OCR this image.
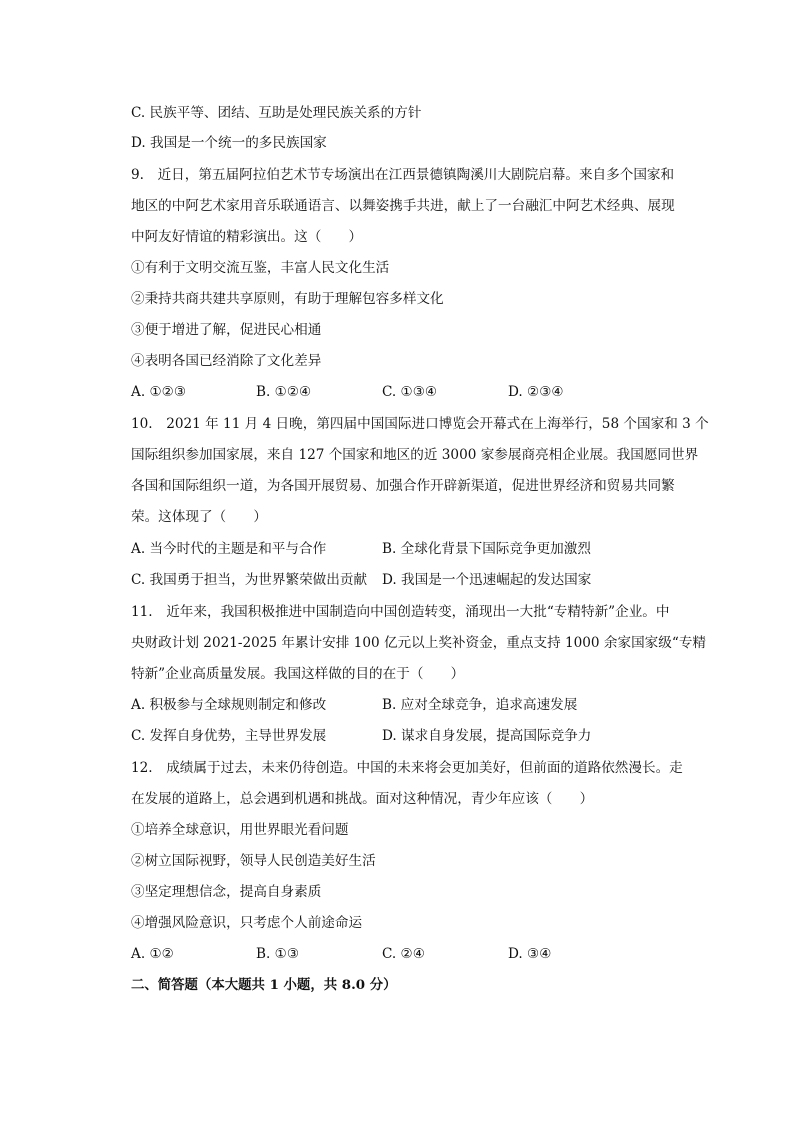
C. 民族平等、团结、互助是处理民族关系的方针
D. 我国是一个统一的多民族国家
9.　近日，第五届阿拉伯艺术节专场演出在江西景德镇陶溪川大剧院启幕。来自多个国家和
地区的中阿艺术家用音乐联通语言、以舞姿携手共进，献上了一台融汇中阿艺术经典、展现
中阿友好情谊的精彩演出。这（　　）
①有利于文明交流互鉴，丰富人民文化生活
②秉持共商共建共享原则，有助于理解包容多样文化
③便于增进了解，促进民心相通
④表明各国已经消除了文化差异
A. ①②③	B. ①②④	C. ①③④	D. ②③④
10.　2021 年 11 月 4 日晚，第四届中国国际进口博览会开幕式在上海举行，58 个国家和 3 个
国际组织参加国家展，来自 127 个国家和地区的近 3000 家参展商亮相企业展。我国愿同世界
各国和国际组织一道，为各国开展贸易、加强合作开辟新渠道，促进世界经济和贸易共同繁
荣。这体现了（　　）
A. 当今时代的主题是和平与合作	B. 全球化背景下国际竞争更加激烈
C. 我国勇于担当，为世界繁荣做出贡献 D. 我国是一个迅速崛起的发达国家
11.　近年来，我国积极推进中国制造向中国创造转变，涌现出一大批“专精特新”企业。中
央财政计划 2021-2025 年累计安排 100 亿元以上奖补资金，重点支持 1000 余家国家级“专精
特新”企业高质量发展。我国这样做的目的在于（　　）
A. 积极参与全球规则制定和修改	B. 应对全球竞争，追求高速发展
C. 发挥自身优势，主导世界发展	D. 谋求自身发展，提高国际竞争力
12.　成绩属于过去，未来仍待创造。中国的未来将会更加美好，但前面的道路依然漫长。走
在发展的道路上，总会遇到机遇和挑战。面对这种情况，青少年应该（　　）
①培养全球意识，用世界眼光看问题
②树立国际视野，领导人民创造美好生活
③坚定理想信念，提高自身素质
④增强风险意识，只考虑个人前途命运
A. ①②	B. ①③	C. ②④	D. ③④
二、简答题（本大题共 1 小题，共 8.0 分）
